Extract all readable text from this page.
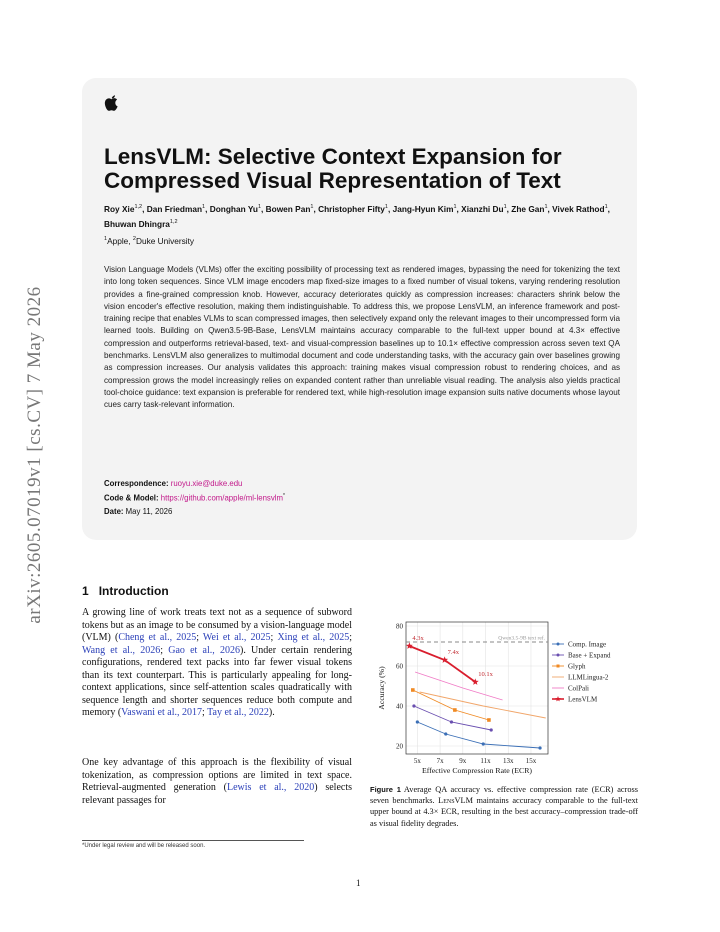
arXiv:2605.07019v1 [cs.CV] 7 May 2026
LensVLM: Selective Context Expansion for Compressed Visual Representation of Text
Roy Xie$^{1,2}$, Dan Friedman$^1$, Donghan Yu$^1$, Bowen Pan$^1$, Christopher Fifty$^1$, Jang-Hyun Kim$^1$, Xianzhi Du$^1$, Zhe Gan$^1$, Vivek Rathod$^1$, Bhuwan Dhingra$^{1,2}$
$^1$Apple, $^2$Duke University

Vision Language Models (VLMs) offer the exciting possibility of processing text as rendered images, bypassing the need for tokenizing the text into long token sequences. Since VLM image encoders map fixed-size images to a fixed number of visual tokens, varying rendering resolution provides a fine-grained compression knob. However, accuracy deteriorates quickly as compression increases: characters shrink below the vision encoder's effective resolution, making them indistinguishable. To address this, we propose LensVLM, an inference framework and post-training recipe that enables VLMs to scan compressed images, then selectively expand only the relevant images to their uncompressed form via learned tools. Building on Qwen3.5-9B-Base, LensVLM maintains accuracy comparable to the full-text upper bound at 4.3× effective compression and outperforms retrieval-based, text- and visual-compression baselines up to 10.1× effective compression across seven text QA benchmarks. LensVLM also generalizes to multimodal document and code understanding tasks, with the accuracy gain over baselines growing as compression increases. Our analysis validates this approach: training makes visual compression robust to rendering choices, and as compression grows the model increasingly relies on expanded content rather than unreliable visual reading. The analysis also yields practical tool-choice guidance: text expansion is preferable for rendered text, while high-resolution image expansion suits native documents whose layout cues carry task-relevant information.

Correspondence: ruoyu.xie@duke.edu
Code & Model: https://github.com/apple/ml-lensvlm*
Date: May 11, 2026
1 Introduction

A growing line of work treats text not as a sequence of subword tokens but as an image to be consumed by a vision-language model (VLM) (Cheng et al., 2025; Wei et al., 2025; Xing et al., 2025; Wang et al., 2026; Gao et al., 2026). Under certain rendering configurations, rendered text packs into far fewer visual tokens than its text counterpart. This is particularly appealing for long-context applications, since self-attention scales quadratically with sequence length and shorter sequences reduce both compute and memory (Vaswani et al., 2017; Tay et al., 2022).

One key advantage of this approach is the flexibility of visual tokenization, as compression options are limited in text space. Retrieval-augmented generation (Lewis et al., 2020) selects relevant passages for

*Under legal review and will be released soon.
20
40
60
80
5x 7x 9x 11x 13x 15x
Effective Compression Rate (ECR)
Accuracy (%)
Qwen3.5-9B text ref.
4.3x
7.4x
10.1x
Comp. Image
Base + Expand
Glyph
LLMLingua-2
ColPali
LensVLM

Figure 1 Average QA accuracy vs. effective compression rate (ECR) across seven benchmarks. LensVLM maintains accuracy comparable to the full-text upper bound at 4.3× ECR, resulting in the best accuracy–compression trade-off as visual fidelity degrades.

1
